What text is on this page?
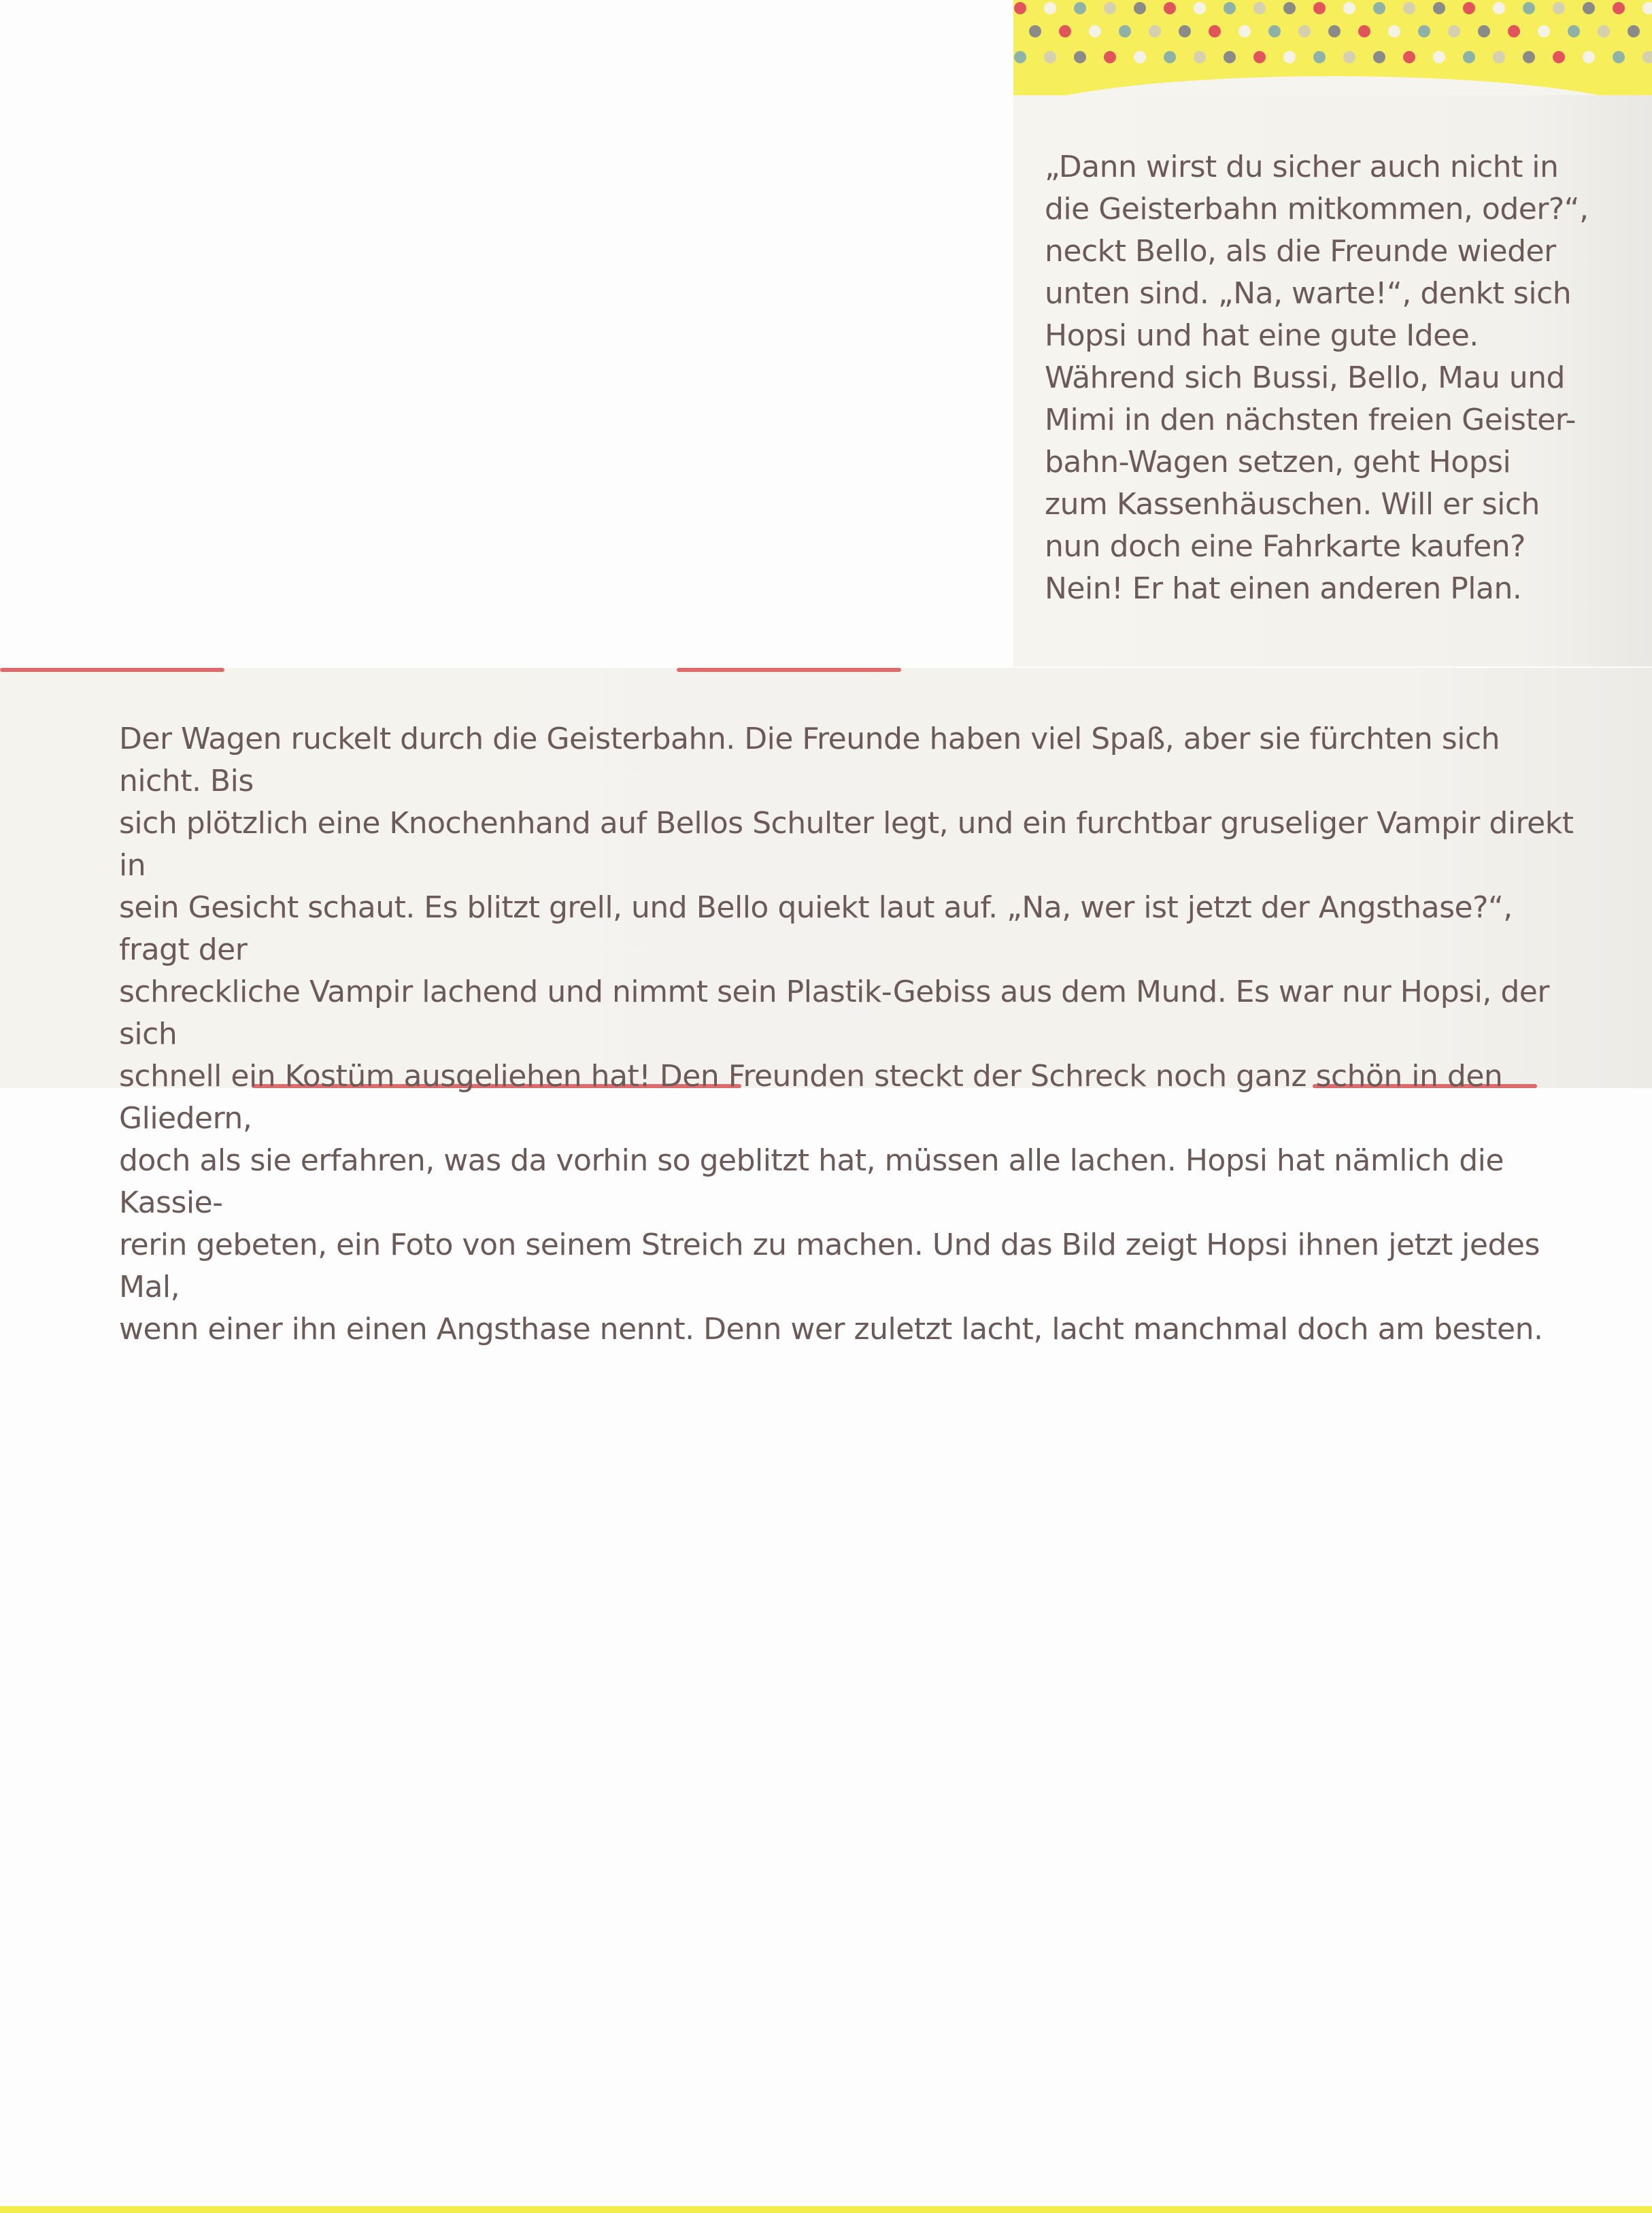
„Dann wirst du sicher auch nicht in
die Geisterbahn mitkommen, oder?“,
neckt Bello, als die Freunde wieder
unten sind. „Na, warte!“, denkt sich
Hopsi und hat eine gute Idee.
Während sich Bussi, Bello, Mau und
Mimi in den nächsten freien Geister-
bahn-Wagen setzen, geht Hopsi
zum Kassenhäuschen. Will er sich
nun doch eine Fahrkarte kaufen?
Nein! Er hat einen anderen Plan.

Der Wagen ruckelt durch die Geisterbahn. Die Freunde haben viel Spaß, aber sie fürchten sich nicht. Bis
sich plötzlich eine Knochenhand auf Bellos Schulter legt, und ein furchtbar gruseliger Vampir direkt in
sein Gesicht schaut. Es blitzt grell, und Bello quiekt laut auf. „Na, wer ist jetzt der Angsthase?“, fragt der
schreckliche Vampir lachend und nimmt sein Plastik-Gebiss aus dem Mund. Es war nur Hopsi, der sich
schnell ein Kostüm ausgeliehen hat! Den Freunden steckt der Schreck noch ganz schön in den Gliedern,
doch als sie erfahren, was da vorhin so geblitzt hat, müssen alle lachen. Hopsi hat nämlich die Kassie-
rerin gebeten, ein Foto von seinem Streich zu machen. Und das Bild zeigt Hopsi ihnen jetzt jedes Mal,
wenn einer ihn einen Angsthase nennt. Denn wer zuletzt lacht, lacht manchmal doch am besten.
